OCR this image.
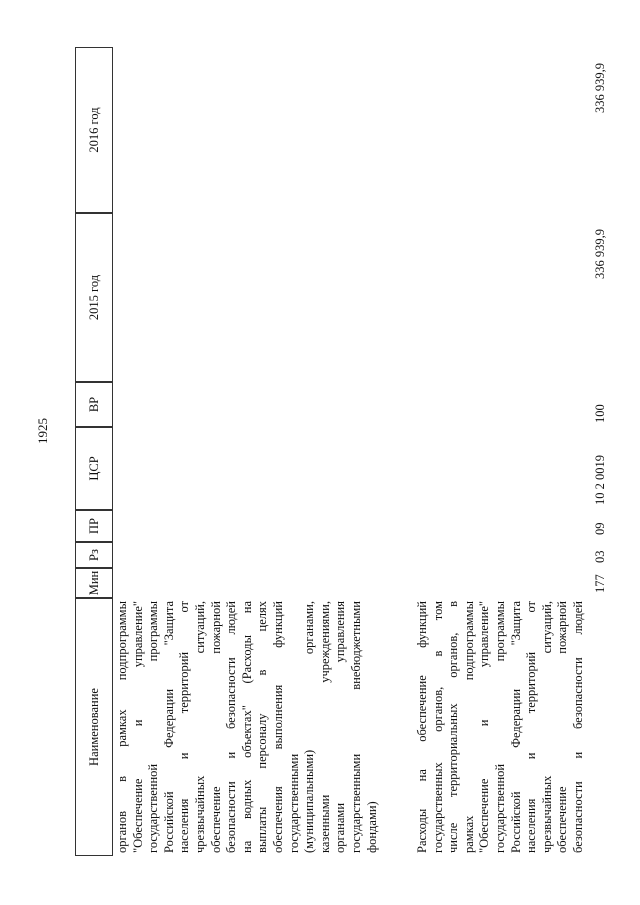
1925
Наименование
Мин
Рз
ПР
ЦСР
ВР
2015 год
2016 год
органов в рамках подпрограммы "Обеспечение и управление" государственной программы Российской Федерации "Защита населения и территорий от чрезвычайных ситуаций, обеспечение пожарной безопасности и безопасности людей на водных объектах" (Расходы на выплаты персоналу в целях обеспечения выполнения функций государственными (муниципальными) органами, казенными учреждениями, органами управления государственными внебюджетными фондами)
177
03
09
10 2 0019
100
336 939,9
336 939,9
Расходы на обеспечение функций государственных органов, в том числе территориальных органов, в рамках подпрограммы "Обеспечение и управление" государственной программы Российской Федерации "Защита населения и территорий от чрезвычайных ситуаций, обеспечение пожарной безопасности и безопасности людей
